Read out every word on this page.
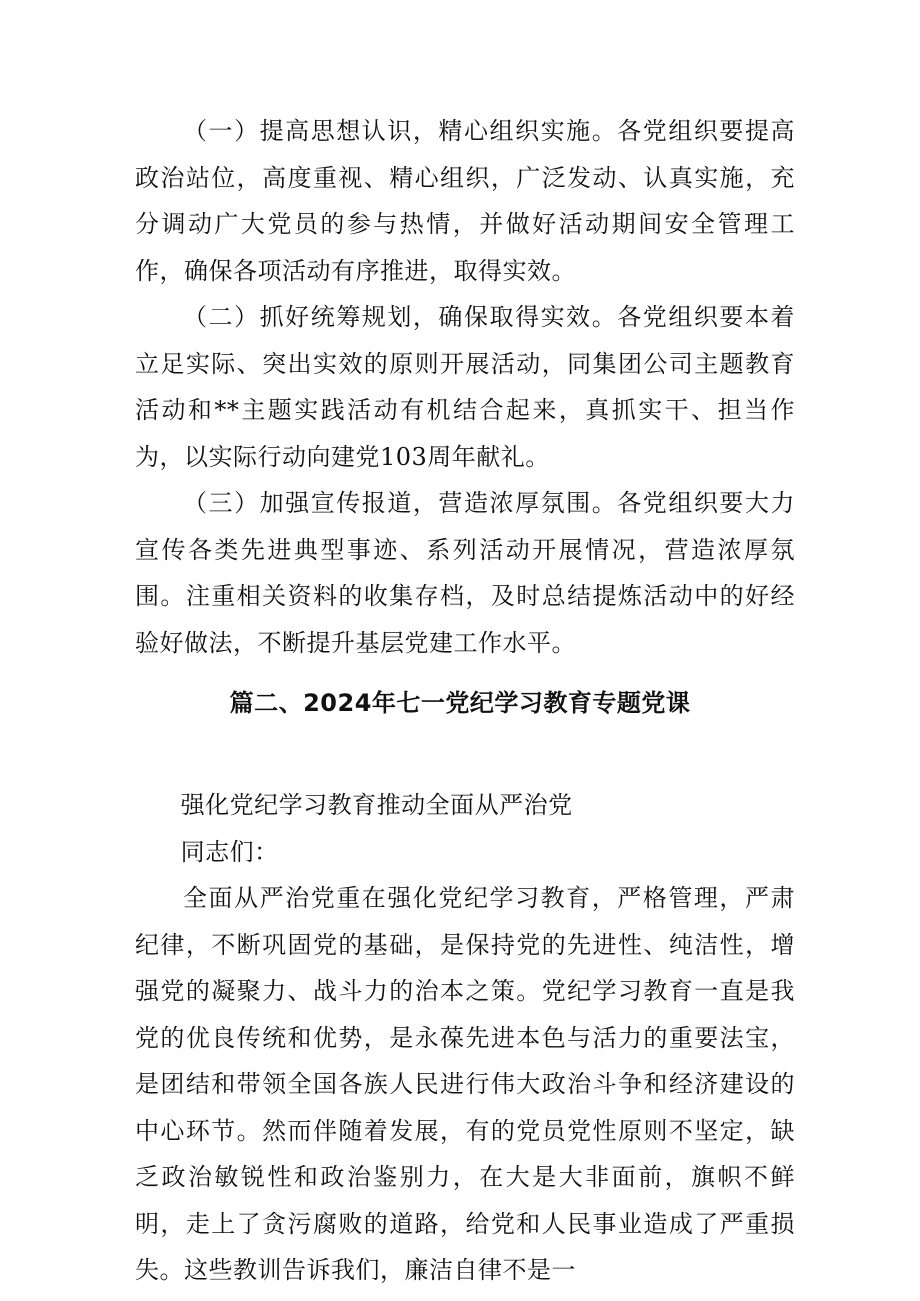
（一）提高思想认识，精心组织实施。各党组织要提高政治站位，高度重视、精心组织，广泛发动、认真实施，充分调动广大党员的参与热情，并做好活动期间安全管理工作，确保各项活动有序推进，取得实效。

（二）抓好统筹规划，确保取得实效。各党组织要本着立足实际、突出实效的原则开展活动，同集团公司主题教育活动和**主题实践活动有机结合起来，真抓实干、担当作为，以实际行动向建党103周年献礼。

（三）加强宣传报道，营造浓厚氛围。各党组织要大力宣传各类先进典型事迹、系列活动开展情况，营造浓厚氛围。注重相关资料的收集存档，及时总结提炼活动中的好经验好做法，不断提升基层党建工作水平。

篇二、2024年七一党纪学习教育专题党课

强化党纪学习教育推动全面从严治党

同志们：

全面从严治党重在强化党纪学习教育，严格管理，严肃纪律，不断巩固党的基础，是保持党的先进性、纯洁性，增强党的凝聚力、战斗力的治本之策。党纪学习教育一直是我党的优良传统和优势，是永葆先进本色与活力的重要法宝，是团结和带领全国各族人民进行伟大政治斗争和经济建设的中心环节。然而伴随着发展，有的党员党性原则不坚定，缺乏政治敏锐性和政治鉴别力，在大是大非面前，旗帜不鲜明，走上了贪污腐败的道路，给党和人民事业造成了严重损失。这些教训告诉我们，廉洁自律不是一
